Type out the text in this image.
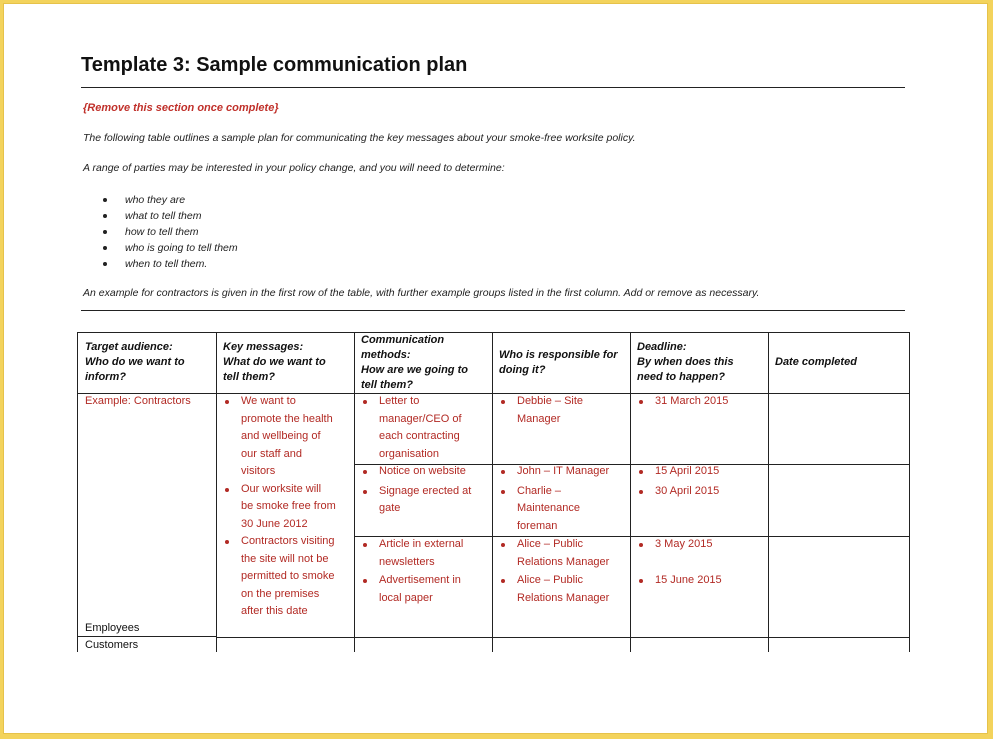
Template 3: Sample communication plan
{Remove this section once complete}
The following table outlines a sample plan for communicating the key messages about your smoke-free worksite policy.
A range of parties may be interested in your policy change, and you will need to determine:
who they are
what to tell them
how to tell them
who is going to tell them
when to tell them.
An example for contractors is given in the first row of the table, with further example groups listed in the first column. Add or remove as necessary.
Target audience:
Who do we want to
inform?
Key messages:
What do we want to
tell them?
Communication
methods:
How are we going to
tell them?
Who is responsible for
doing it?
Deadline:
By when does this
need to happen?
Date completed
Example: Contractors
Employees
Customers
We want to
promote the health
and wellbeing of
our staff and
visitors
Our worksite will
be smoke free from
30 June 2012
Contractors visiting
the site will not be
permitted to smoke
on the premises
after this date
Letter to
manager/CEO of
each contracting
organisation
Notice on website
Signage erected at
gate
Article in external
newsletters
Advertisement in
local paper
Debbie – Site
Manager
John – IT Manager
Charlie –
Maintenance
foreman
Alice – Public
Relations Manager
Alice – Public
Relations Manager
31 March 2015
15 April 2015
30 April 2015
3 May 2015
15 June 2015
